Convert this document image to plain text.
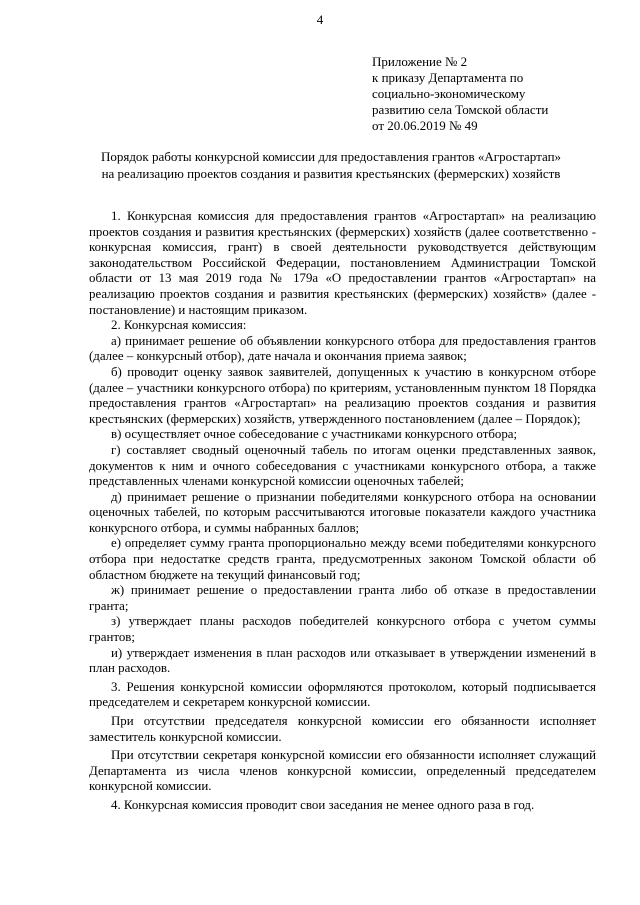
4
Приложение № 2
к приказу Департамента по
социально-экономическому
развитию села Томской области
от 20.06.2019 № 49
Порядок работы конкурсной комиссии для предоставления грантов «Агростартап» на реализацию проектов создания и развития крестьянских (фермерских) хозяйств

1. Конкурсная комиссия для предоставления грантов «Агростартап» на реализацию проектов создания и развития крестьянских (фермерских) хозяйств (далее соответственно - конкурсная комиссия, грант) в своей деятельности руководствуется действующим законодательством Российской Федерации, постановлением Администрации Томской области от 13 мая 2019 года № 179а «О предоставлении грантов «Агростартап» на реализацию проектов создания и развития крестьянских (фермерских) хозяйств» (далее - постановление) и настоящим приказом.

2. Конкурсная комиссия:

а) принимает решение об объявлении конкурсного отбора для предоставления грантов (далее – конкурсный отбор), дате начала и окончания приема заявок;

б) проводит оценку заявок заявителей, допущенных к участию в конкурсном отборе (далее – участники конкурсного отбора) по критериям, установленным пунктом 18 Порядка предоставления грантов «Агростартап» на реализацию проектов создания и развития крестьянских (фермерских) хозяйств, утвержденного постановлением (далее – Порядок);

в) осуществляет очное собеседование с участниками конкурсного отбора;

г) составляет сводный оценочный табель по итогам оценки представленных заявок, документов к ним и очного собеседования с участниками конкурсного отбора, а также представленных членами конкурсной комиссии оценочных табелей;

д) принимает решение о признании победителями конкурсного отбора на основании оценочных табелей, по которым рассчитываются итоговые показатели каждого участника конкурсного отбора, и суммы набранных баллов;

е) определяет сумму гранта пропорционально между всеми победителями конкурсного отбора при недостатке средств гранта, предусмотренных законом Томской области об областном бюджете на текущий финансовый год;

ж) принимает решение о предоставлении гранта либо об отказе в предоставлении гранта;

з) утверждает планы расходов победителей конкурсного отбора с учетом суммы грантов;

и) утверждает изменения в план расходов или отказывает в утверждении изменений в план расходов.

3. Решения конкурсной комиссии оформляются протоколом, который подписывается председателем и секретарем конкурсной комиссии.

При отсутствии председателя конкурсной комиссии его обязанности исполняет заместитель конкурсной комиссии.

При отсутствии секретаря конкурсной комиссии его обязанности исполняет служащий Департамента из числа членов конкурсной комиссии, определенный председателем конкурсной комиссии.

4. Конкурсная комиссия проводит свои заседания не менее одного раза в год.
